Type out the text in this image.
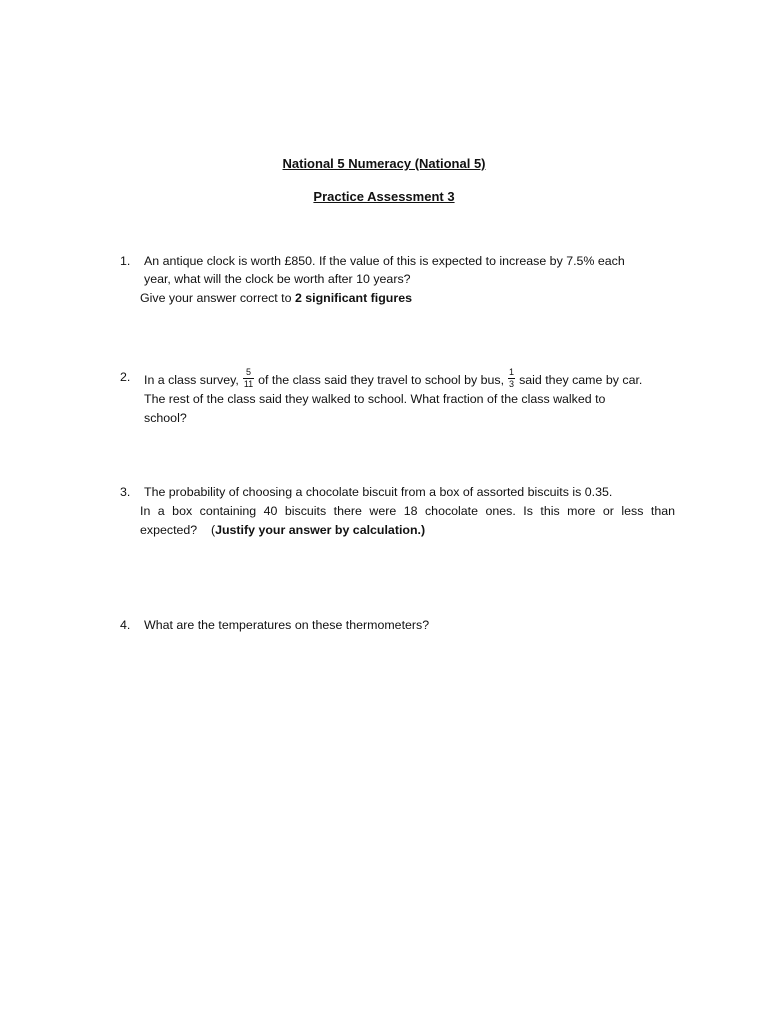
National 5 Numeracy (National 5)
Practice Assessment 3
1. An antique clock is worth £850. If the value of this is expected to increase by 7.5% each
year, what will the clock be worth after 10 years?
Give your answer correct to 2 significant figures
2. In a class survey, $\frac{5}{11}$ of the class said they travel to school by bus, $\frac{1}{3}$ said they came by car.
The rest of the class said they walked to school. What fraction of the class walked to
school?
3. The probability of choosing a chocolate biscuit from a box of assorted biscuits is 0.35.
In a box containing 40 biscuits there were 18 chocolate ones. Is this more or less than
expected?    (Justify your answer by calculation.)
4. What are the temperatures on these thermometers?
